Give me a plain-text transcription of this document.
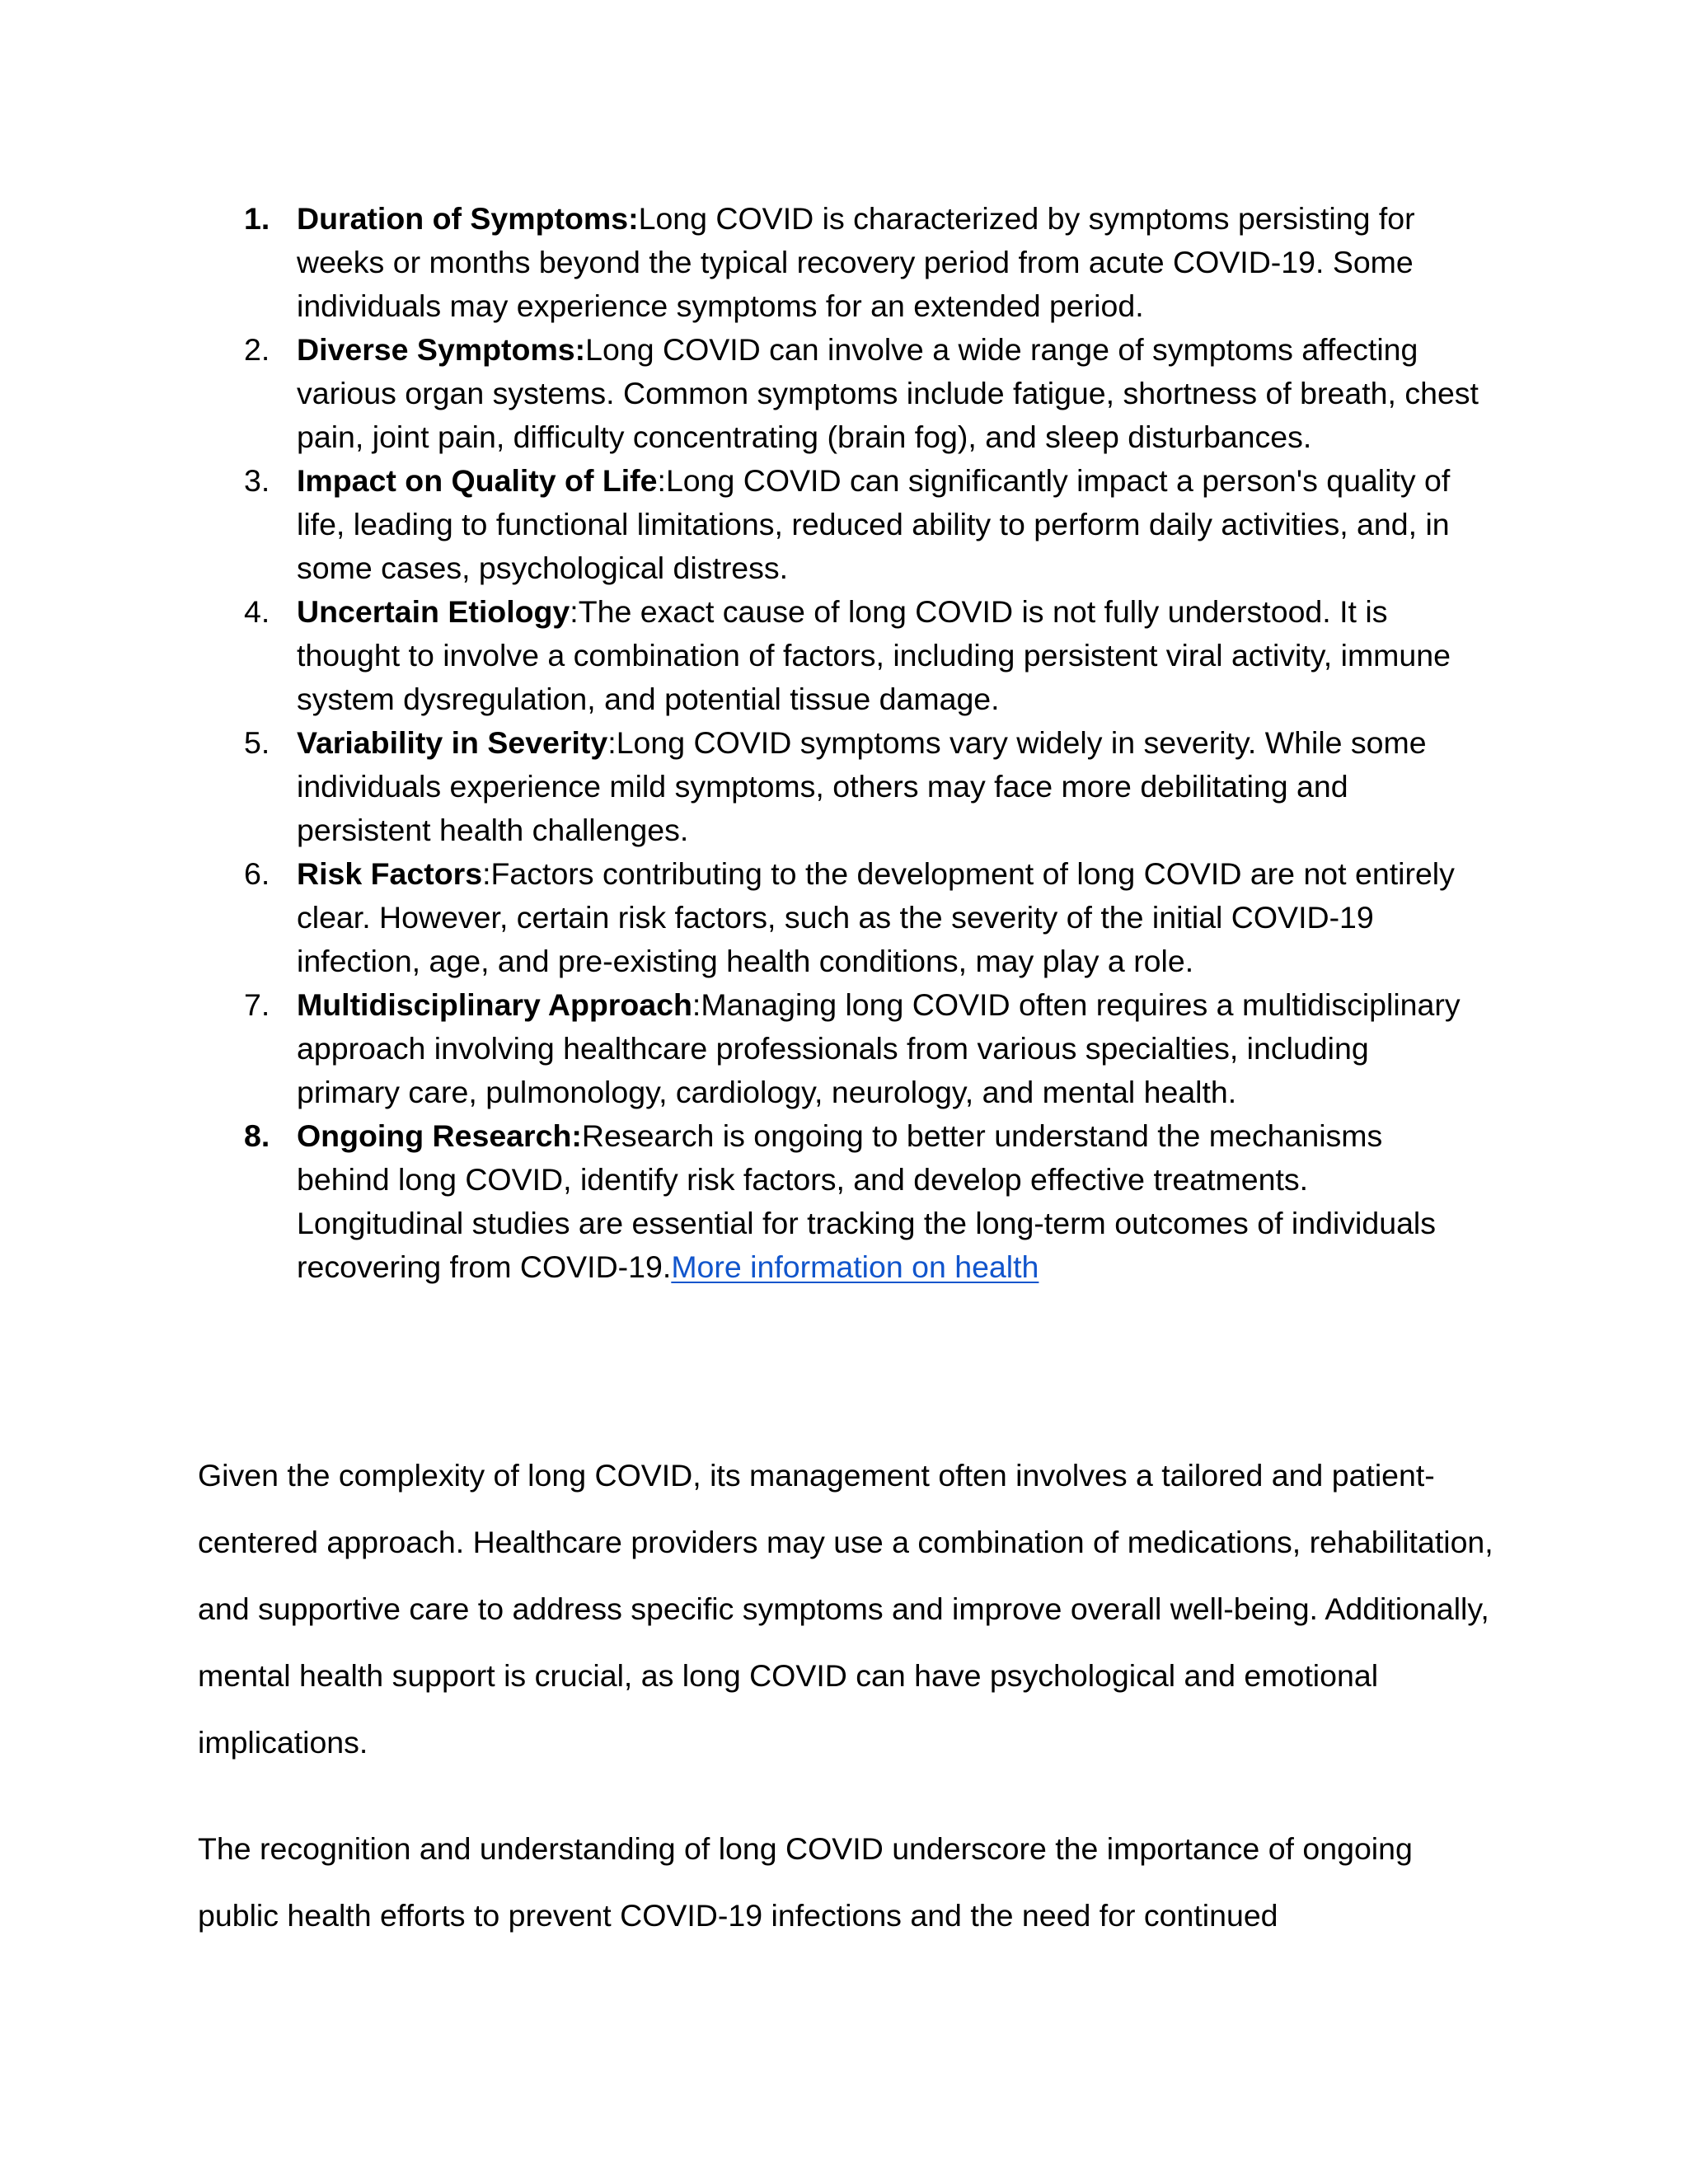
1. Duration of Symptoms:Long COVID is characterized by symptoms persisting for weeks or months beyond the typical recovery period from acute COVID-19. Some individuals may experience symptoms for an extended period.
2. Diverse Symptoms:Long COVID can involve a wide range of symptoms affecting various organ systems. Common symptoms include fatigue, shortness of breath, chest pain, joint pain, difficulty concentrating (brain fog), and sleep disturbances.
3. Impact on Quality of Life:Long COVID can significantly impact a person's quality of life, leading to functional limitations, reduced ability to perform daily activities, and, in some cases, psychological distress.
4. Uncertain Etiology:The exact cause of long COVID is not fully understood. It is thought to involve a combination of factors, including persistent viral activity, immune system dysregulation, and potential tissue damage.
5. Variability in Severity:Long COVID symptoms vary widely in severity. While some individuals experience mild symptoms, others may face more debilitating and persistent health challenges.
6. Risk Factors:Factors contributing to the development of long COVID are not entirely clear. However, certain risk factors, such as the severity of the initial COVID-19 infection, age, and pre-existing health conditions, may play a role.
7. Multidisciplinary Approach:Managing long COVID often requires a multidisciplinary approach involving healthcare professionals from various specialties, including primary care, pulmonology, cardiology, neurology, and mental health.
8. Ongoing Research:Research is ongoing to better understand the mechanisms behind long COVID, identify risk factors, and develop effective treatments. Longitudinal studies are essential for tracking the long-term outcomes of individuals recovering from COVID-19.More information on health

Given the complexity of long COVID, its management often involves a tailored and patient-centered approach. Healthcare providers may use a combination of medications, rehabilitation, and supportive care to address specific symptoms and improve overall well-being. Additionally, mental health support is crucial, as long COVID can have psychological and emotional implications.

The recognition and understanding of long COVID underscore the importance of ongoing public health efforts to prevent COVID-19 infections and the need for continued
